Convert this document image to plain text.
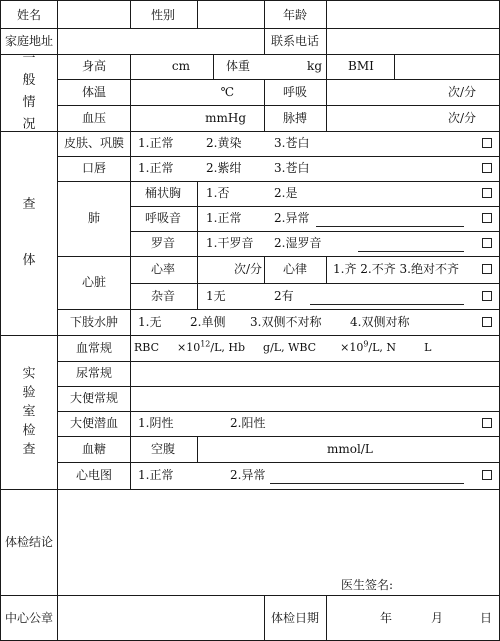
姓名	性别	年龄
家庭地址	联系电话
一般情况
身高	cm	体重	kg BMI
体温	℃	呼吸	次/分
血压	mmHg	脉搏	次/分
查体
皮肤、巩膜 1.正常	2.黄染	3.苍白
口唇	1.正常	2.紫绀	3.苍白
肺
桶状胸 1.否	2.是
呼吸音 1.正常	2.异常
罗音	1.干罗音 2.湿罗音
心脏
心率	次/分 心律 1.齐 2.不齐 3.绝对不齐
杂音	1无	2有
下肢水肿 1.无 2.单侧 3.双侧不对称 4.双侧对称
实验室检查
血常规 RBC $\times 10^{12}/L$, Hb g/L, WBC $\times 10^9/L$, N	L
尿常规
大便常规
大便潜血 1.阴性	2.阳性
血糖	空腹	mmol/L
心电图 1.正常	2.异常
体检结论
医生签名:
中心公章	体检日期	年	月	日
